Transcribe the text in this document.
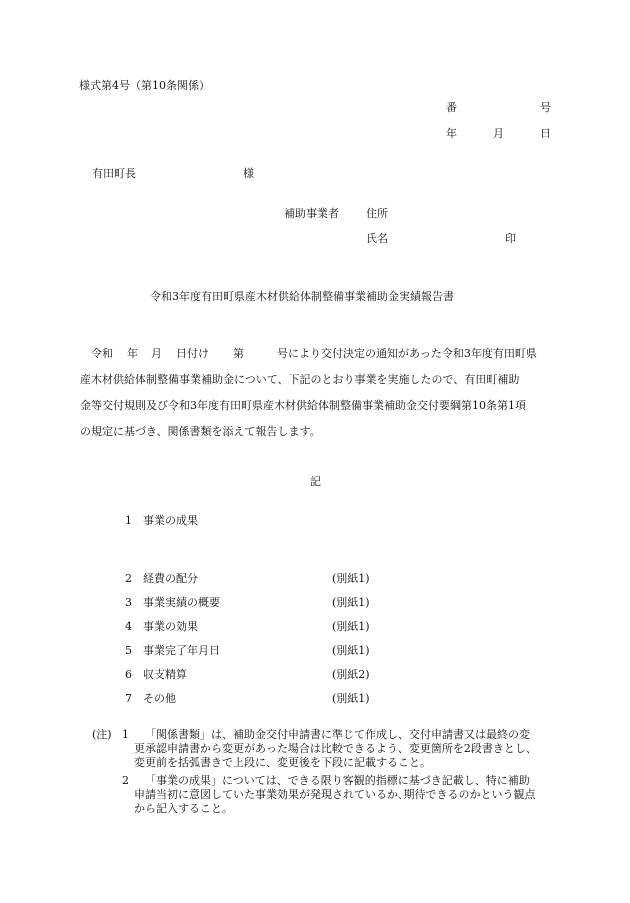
様式第4号（第10条関係）
番	号
年	月	日
有田町長	様
補助事業者 住所
氏名	印
令和3年度有田町県産木材供給体制整備事業補助金実績報告書
令和 年 月 日付け 第	号により交付決定の通知があった令和3年度有田町県
産木材供給体制整備事業補助金について、下記のとおり事業を実施したので、有田町補助
金等交付規則及び令和3年度有田町県産木材供給体制整備事業補助金交付要綱第10条第1項
の規定に基づき、関係書類を添えて報告します。
記
1 事業の成果
2 経費の配分	(別紙1)
3 事業実績の概要	(別紙1)
4 事業の効果	(別紙1)
5 事業完了年月日	(別紙1)
6 収支精算	(別紙2)
7 その他	(別紙1)
(注) 1 「関係書類」は、補助金交付申請書に準じて作成し、交付申請書又は最終の変
更承認申請書から変更があった場合は比較できるよう、変更箇所を2段書きとし、
変更前を括弧書きで上段に、変更後を下段に記載すること。
2 「事業の成果」については、できる限り客観的指標に基づき記載し、特に補助
申請当初に意図していた事業効果が発現されているか､期待できるのかという観点
から記入すること。
